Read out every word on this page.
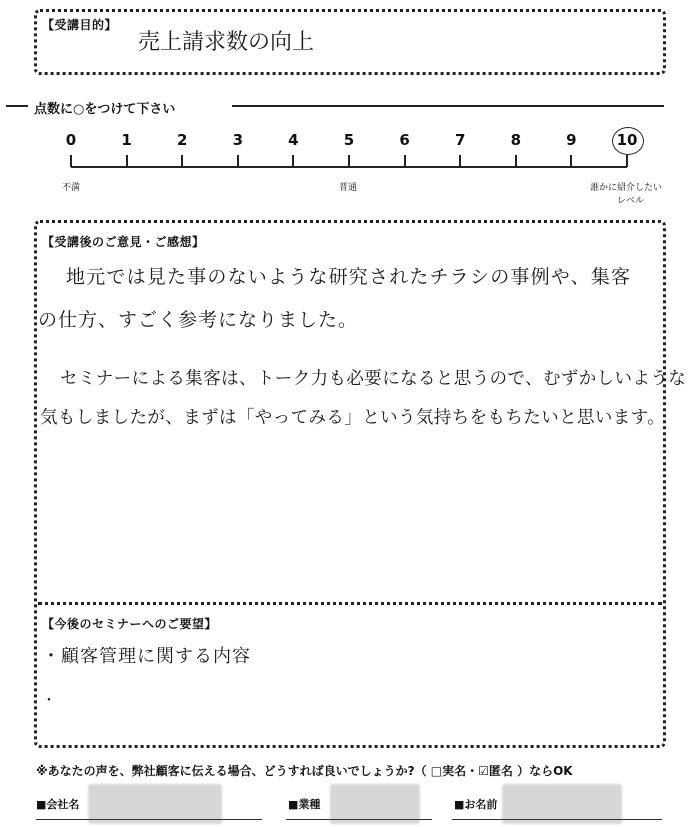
【受講目的】
売上請求数の向上
点数に○をつけて下さい
0	1	2	3	4	5	6	7	8	9	10
不満	普通	誰かに紹介したい
レベル
【受講後のご意見・ご感想】
地元では見た事のないような研究されたチラシの事例や、集客
の仕方、すごく参考になりました。
セミナーによる集客は、トーク力も必要になると思うので、むずかしいような
気もしましたが、まずは「やってみる」という気持ちをもちたいと思います。
【今後のセミナーへのご要望】
・顧客管理に関する内容
・
※あなたの声を、弊社顧客に伝える場合、どうすれば良いでしょうか?（ □実名・☑匿名 ）ならOK
■会社名	■業種	■お名前
